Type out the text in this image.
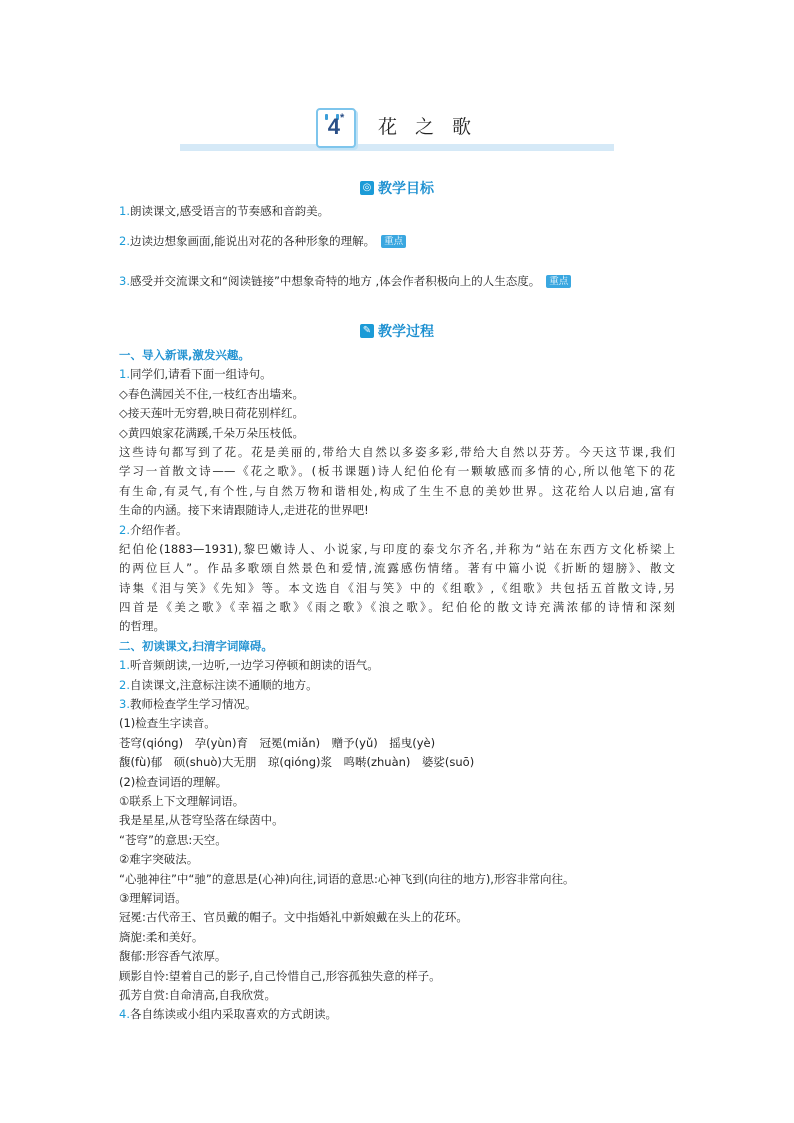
4*	花之歌
◎ 教学目标
1.朗读课文,感受语言的节奏感和音韵美。
2.边读边想象画面,能说出对花的各种形象的理解。 重点
3.感受并交流课文和“阅读链接”中想象奇特的地方 ,体会作者积极向上的人生态度。 重点
✎ 教学过程
一、导入新课,激发兴趣。
1.同学们,请看下面一组诗句。
◇春色满园关不住,一枝红杏出墙来。
◇接天莲叶无穷碧,映日荷花别样红。
◇黄四娘家花满蹊,千朵万朵压枝低。
这些诗句都写到了花。花是美丽的,带给大自然以多姿多彩,带给大自然以芬芳。今天这节课,我们
学习一首散文诗——《花之歌》。(板书课题)诗人纪伯伦有一颗敏感而多情的心,所以他笔下的花
有生命,有灵气,有个性,与自然万物和谐相处,构成了生生不息的美妙世界。这花给人以启迪,富有
生命的内涵。接下来请跟随诗人,走进花的世界吧!
2.介绍作者。
纪伯伦(1883—1931),黎巴嫩诗人、小说家,与印度的泰戈尔齐名,并称为“站在东西方文化桥梁上
的两位巨人”。作品多歌颂自然景色和爱情,流露感伤情绪。著有中篇小说《折断的翅膀》、散文
诗集《泪与笑》《先知》等。本文选自《泪与笑》中的《组歌》,《组歌》共包括五首散文诗,另
四首是《美之歌》《幸福之歌》《雨之歌》《浪之歌》。纪伯伦的散文诗充满浓郁的诗情和深刻
的哲理。
二、初读课文,扫清字词障碍。
1.听音频朗读,一边听,一边学习停顿和朗读的语气。
2.自读课文,注意标注读不通顺的地方。
3.教师检查学生学习情况。
(1)检查生字读音。
苍穹(qióng)　孕(yùn)育　冠冕(miǎn)　赠予(yǔ)　摇曳(yè)
馥(fù)郁　硕(shuò)大无朋　琼(qióng)浆　鸣啭(zhuàn)　婆娑(suō)
(2)检查词语的理解。
①联系上下文理解词语。
我是星星,从苍穹坠落在绿茵中。
“苍穹”的意思:天空。
②难字突破法。
“心驰神往”中“驰”的意思是(心神)向往,词语的意思:心神飞到(向往的地方),形容非常向往。
③理解词语。
冠冕:古代帝王、官员戴的帽子。文中指婚礼中新娘戴在头上的花环。
旖旎:柔和美好。
馥郁:形容香气浓厚。
顾影自怜:望着自己的影子,自己怜惜自己,形容孤独失意的样子。
孤芳自赏:自命清高,自我欣赏。
4.各自练读或小组内采取喜欢的方式朗读。
